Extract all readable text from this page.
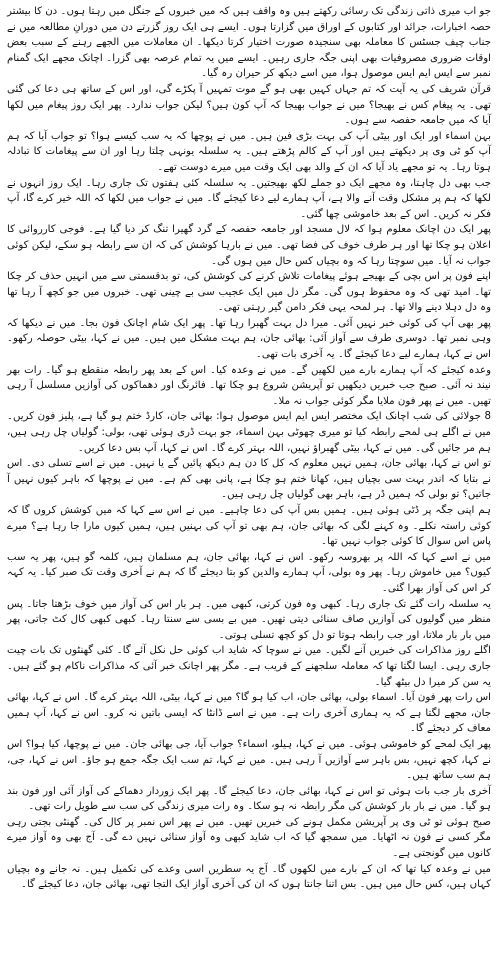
جو اب میری ذاتی زندگی تک رسائی رکھتے ہیں وہ واقف ہیں کہ میں خبروں کے جنگل میں رہتا ہوں۔ دن کا بیشتر حصہ اخبارات، جرائد اور کتابوں کے اوراق میں گزارتا ہوں۔ ایسے ہی ایک روز گزرتے دن میں دورانِ مطالعہ میں نے جناب چیف جسٹس کا معاملہ بھی سنجیدہ صورت اختیار کرتا دیکھا۔ ان معاملات میں الجھے رہنے کے سبب بعض اوقات ضروری مصروفیات بھی اپنی جگہ جاری رہیں۔ ایسے میں یہ تمام عرصہ بھی گزرا۔ اچانک مجھے ایک گمنام نمبر سے ایس ایم ایس موصول ہوا، میں اسے دیکھ کر حیران رہ گیا۔

قرآن شریف کی یہ آیت کہ تم جہاں کہیں بھی ہو گے موت تمہیں آ پکڑے گی، اور اس کے ساتھ ہی دعا کی گئی تھی۔ یہ پیغام کس نے بھیجا؟ میں نے جواب بھیجا کہ آپ کون ہیں؟ لیکن جواب ندارد۔ پھر ایک روز پیغام میں لکھا آیا کہ میں جامعہ حفصہ سے ہوں۔

بہن اسماء اور ایک اور بیٹی آپ کی بہت بڑی فین ہیں۔ میں نے پوچھا کہ یہ سب کیسے ہوا؟ تو جواب آیا کہ ہم آپ کو ٹی وی پر دیکھتے ہیں اور آپ کے کالم پڑھتے ہیں۔ یہ سلسلہ یونہی چلتا رہا اور ان سے پیغامات کا تبادلہ ہوتا رہا۔ یہ تو مجھے یاد آیا کہ ان کے والد بھی ایک وقت میں میرے دوست تھے۔

جب بھی دل چاہتا، وہ مجھے ایک دو جملے لکھ بھیجتیں۔ یہ سلسلہ کئی ہفتوں تک جاری رہا۔ ایک روز انہوں نے لکھا کہ ہم پر مشکل وقت آنے والا ہے، آپ ہمارے لیے دعا کیجئے گا۔ میں نے جواب میں لکھا کہ اللہ خیر کرے گا، آپ فکر نہ کریں۔ اس کے بعد خاموشی چھا گئی۔

پھر ایک دن اچانک معلوم ہوا کہ لال مسجد اور جامعہ حفصہ کے گرد گھیرا تنگ کر دیا گیا ہے۔ فوجی کارروائی کا اعلان ہو چکا تھا اور ہر طرف خوف کی فضا تھی۔ میں نے بارہا کوشش کی کہ ان سے رابطہ ہو سکے، لیکن کوئی جواب نہ آیا۔ میں سوچتا رہا کہ وہ بچیاں کس حال میں ہوں گی۔

اپنے فون پر اس بچی کے بھیجے ہوئے پیغامات تلاش کرنے کی کوشش کی، تو بدقسمتی سے میں انہیں حذف کر چکا تھا۔ امید تھی کہ وہ محفوظ ہوں گی۔ مگر دل میں ایک عجیب سی بے چینی تھی۔ خبروں میں جو کچھ آ رہا تھا وہ دل دہلا دینے والا تھا۔ ہر لمحہ یہی فکر دامن گیر رہتی تھی۔

پھر بھی آپ کی کوئی خبر نہیں آئی۔ میرا دل بہت گھبرا رہا تھا۔ پھر ایک شام اچانک فون بجا۔ میں نے دیکھا کہ وہی نمبر تھا۔ دوسری طرف سے آواز آئی: بھائی جان، ہم بہت مشکل میں ہیں۔ میں نے کہا، بیٹی حوصلہ رکھو۔ اس نے کہا، ہمارے لیے دعا کیجئے گا۔ یہ آخری بات تھی۔

وعدہ کیجئے کہ آپ ہمارے بارے میں لکھیں گے۔ میں نے وعدہ کیا۔ اس کے بعد پھر رابطہ منقطع ہو گیا۔ رات بھر نیند نہ آئی۔ صبح جب خبریں دیکھیں تو آپریشن شروع ہو چکا تھا۔ فائرنگ اور دھماکوں کی آوازیں مسلسل آ رہی تھیں۔ میں نے پھر فون ملایا مگر کوئی جواب نہ ملا۔

8 جولائی کی شب اچانک ایک مختصر ایس ایم ایس موصول ہوا: بھائی جان، کارڈ ختم ہو گیا ہے، پلیز فون کریں۔ میں نے اگلے ہی لمحے رابطہ کیا تو میری چھوٹی بہن اسماء، جو بہت ڈری ہوئی تھی، بولی: گولیاں چل رہی ہیں، ہم مر جائیں گی۔ میں نے کہا، بیٹی گھبراؤ نہیں، اللہ بہتر کرے گا۔ اس نے کہا، آپ بس دعا کریں۔

تو اس نے کہا، بھائی جان، ہمیں نہیں معلوم کہ کل کا دن ہم دیکھ پائیں گے یا نہیں۔ میں نے اسے تسلی دی۔ اس نے بتایا کہ اندر بہت سی بچیاں ہیں، کھانا ختم ہو چکا ہے، پانی بھی کم ہے۔ میں نے پوچھا کہ باہر کیوں نہیں آ جاتیں؟ تو بولی کہ ہمیں ڈر ہے، باہر بھی گولیاں چل رہی ہیں۔

ہم اپنی جگہ پر ڈٹی ہوئی ہیں۔ ہمیں بس آپ کی دعا چاہیے۔ میں نے اس سے کہا کہ میں کوشش کروں گا کہ کوئی راستہ نکلے۔ وہ کہنے لگی کہ بھائی جان، ہم بھی تو آپ کی بہنیں ہیں، ہمیں کیوں مارا جا رہا ہے؟ میرے پاس اس سوال کا کوئی جواب نہیں تھا۔

میں نے اسے کہا کہ اللہ پر بھروسہ رکھو۔ اس نے کہا، بھائی جان، ہم مسلمان ہیں، کلمہ گو ہیں، پھر یہ سب کیوں؟ میں خاموش رہا۔ پھر وہ بولی، آپ ہمارے والدین کو بتا دیجئے گا کہ ہم نے آخری وقت تک صبر کیا۔ یہ کہہ کر اس کی آواز بھرا گئی۔

یہ سلسلہ رات گئے تک جاری رہا۔ کبھی وہ فون کرتی، کبھی میں۔ ہر بار اس کی آواز میں خوف بڑھتا جاتا۔ پس منظر میں گولیوں کی آوازیں صاف سنائی دیتی تھیں۔ میں بے بسی سے سنتا رہا۔ کبھی کبھی کال کٹ جاتی، پھر میں بار بار ملاتا، اور جب رابطہ ہوتا تو دل کو کچھ تسلی ہوتی۔

اگلے روز مذاکرات کی خبریں آنے لگیں۔ میں نے سوچا کہ شاید اب کوئی حل نکل آئے گا۔ کئی گھنٹوں تک بات چیت جاری رہی۔ ایسا لگتا تھا کہ معاملہ سلجھنے کے قریب ہے۔ مگر پھر اچانک خبر آئی کہ مذاکرات ناکام ہو گئے ہیں۔ یہ سن کر میرا دل بیٹھ گیا۔

اس رات پھر فون آیا۔ اسماء بولی، بھائی جان، اب کیا ہو گا؟ میں نے کہا، بیٹی، اللہ بہتر کرے گا۔ اس نے کہا، بھائی جان، مجھے لگتا ہے کہ یہ ہماری آخری رات ہے۔ میں نے اسے ڈانٹا کہ ایسی باتیں نہ کرو۔ اس نے کہا، آپ ہمیں معاف کر دیجئے گا۔

پھر ایک لمحے کو خاموشی ہوئی۔ میں نے کہا، ہیلو، اسماء؟ جواب آیا، جی بھائی جان۔ میں نے پوچھا، کیا ہوا؟ اس نے کہا، کچھ نہیں، بس باہر سے آوازیں آ رہی ہیں۔ میں نے کہا، تم سب ایک جگہ جمع ہو جاؤ۔ اس نے کہا، جی، ہم سب ساتھ ہیں۔

آخری بار جب بات ہوئی تو اس نے کہا، بھائی جان، دعا کیجئے گا۔ پھر ایک زوردار دھماکے کی آواز آئی اور فون بند ہو گیا۔ میں نے بار بار کوشش کی مگر رابطہ نہ ہو سکا۔ وہ رات میری زندگی کی سب سے طویل رات تھی۔

صبح ہوئی تو ٹی وی پر آپریشن مکمل ہونے کی خبریں تھیں۔ میں نے پھر اس نمبر پر کال کی۔ گھنٹی بجتی رہی مگر کسی نے فون نہ اٹھایا۔ میں سمجھ گیا کہ اب شاید کبھی وہ آواز سنائی نہیں دے گی۔ آج بھی وہ آواز میرے کانوں میں گونجتی ہے۔

میں نے وعدہ کیا تھا کہ ان کے بارے میں لکھوں گا۔ آج یہ سطریں اسی وعدے کی تکمیل ہیں۔ نہ جانے وہ بچیاں کہاں ہیں، کس حال میں ہیں۔ بس اتنا جانتا ہوں کہ ان کی آخری آواز ایک التجا تھی، بھائی جان، دعا کیجئے گا۔
